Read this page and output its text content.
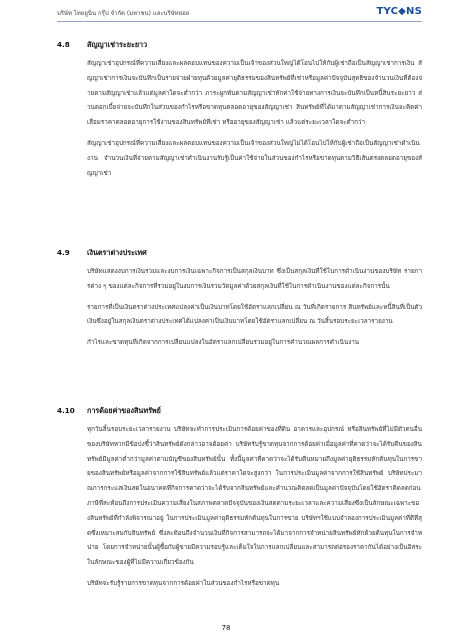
บริษัท ไทยยูนิ่น กรุ๊ป จำกัด (มหาชน) และบริษัทย่อย	TYC◆NS
4.8 สัญญาเช่าระยะยาว

สัญญาเช่าอุปกรณ์ที่ความเสี่ยงและผลตอบแทนของความเป็นเจ้าของส่วนใหญ่ได้โอนไปให้กับผู้เช่าถือเป็นสัญญาเช่าการเงิน สัญญาเช่าการเงินจะบันทึกเป็นรายจ่ายฝ่ายทุนด้วยมูลค่ายุติธรรมของสินทรัพย์ที่เช่าหรือมูลค่าปัจจุบันสุทธิของจำนวนเงินที่ต้องจ่ายตามสัญญาเช่าแล้วแต่มูลค่าใดจะต่ำกว่า ภาระผูกพันตามสัญญาเช่าหักค่าใช้จ่ายทางการเงินจะบันทึกเป็นหนี้สินระยะยาว ส่วนดอกเบี้ยจ่ายจะบันทึกในส่วนของกำไรหรือขาดทุนตลอดอายุของสัญญาเช่า สินทรัพย์ที่ได้มาตามสัญญาเช่าการเงินจะคิดค่าเสื่อมราคาตลอดอายุการใช้งานของสินทรัพย์ที่เช่า หรืออายุของสัญญาเช่า แล้วแต่ระยะเวลาใดจะต่ำกว่า

สัญญาเช่าอุปกรณ์ที่ความเสี่ยงและผลตอบแทนของความเป็นเจ้าของส่วนใหญ่ไม่ได้โอนไปให้กับผู้เช่าถือเป็นสัญญาเช่าดำเนินงาน จำนวนเงินที่จ่ายตามสัญญาเช่าดำเนินงานรับรู้เป็นค่าใช้จ่ายในส่วนของกำไรหรือขาดทุนตามวิธีเส้นตรงตลอดอายุของสัญญาเช่า

4.9 เงินตราต่างประเทศ

บริษัทแสดงงบการเงินรวมและงบการเงินเฉพาะกิจการเป็นสกุลเงินบาท ซึ่งเป็นสกุลเงินที่ใช้ในการดำเนินงานของบริษัท รายการต่าง ๆ ของแต่ละกิจการที่รวมอยู่ในงบการเงินรวมวัดมูลค่าด้วยสกุลเงินที่ใช้ในการดำเนินงานของแต่ละกิจการนั้น

รายการที่เป็นเงินตราต่างประเทศแปลงค่าเป็นเงินบาทโดยใช้อัตราแลกเปลี่ยน ณ วันที่เกิดรายการ สินทรัพย์และหนี้สินที่เป็นตัวเงินซึ่งอยู่ในสกุลเงินตราต่างประเทศได้แปลงค่าเป็นเงินบาทโดยใช้อัตราแลกเปลี่ยน ณ วันสิ้นรอบระยะเวลารายงาน

กำไรและขาดทุนที่เกิดจากการเปลี่ยนแปลงในอัตราแลกเปลี่ยนรวมอยู่ในการคำนวณผลการดำเนินงาน

4.10 การด้อยค่าของสินทรัพย์

ทุกวันสิ้นรอบระยะเวลารายงาน บริษัทจะทำการประเมินการด้อยค่าของที่ดิน อาคารและอุปกรณ์ หรือสินทรัพย์ที่ไม่มีตัวตนอื่นของบริษัทหากมีข้อบ่งชี้ว่าสินทรัพย์ดังกล่าวอาจด้อยค่า บริษัทรับรู้ขาดทุนจากการด้อยค่าเมื่อมูลค่าที่คาดว่าจะได้รับคืนของสินทรัพย์มีมูลค่าต่ำกว่ามูลค่าตามบัญชีของสินทรัพย์นั้น ทั้งนี้มูลค่าที่คาดว่าจะได้รับคืนหมายถึงมูลค่ายุติธรรมหักต้นทุนในการขายของสินทรัพย์หรือมูลค่าจากการใช้สินทรัพย์แล้วแต่ราคาใดจะสูงกว่า ในการประเมินมูลค่าจากการใช้สินทรัพย์ บริษัทประมาณการกระแสเงินสดในอนาคตที่กิจการคาดว่าจะได้รับจากสินทรัพย์และคำนวณคิดลดเป็นมูลค่าปัจจุบันโดยใช้อัตราคิดลดก่อนภาษีที่สะท้อนถึงการประเมินความเสี่ยงในสภาพตลาดปัจจุบันของเงินสดตามระยะเวลาและความเสี่ยงซึ่งเป็นลักษณะเฉพาะของสินทรัพย์ที่กำลังพิจารณาอยู่ ในการประเมินมูลค่ายุติธรรมหักต้นทุนในการขาย บริษัทฯใช้แบบจำลองการประเมินมูลค่าที่ดีที่สุดซึ่งเหมาะสมกับสินทรัพย์ ซึ่งสะท้อนถึงจำนวนเงินที่กิจการสามารถจะได้มาจากการจำหน่ายสินทรัพย์หักด้วยต้นทุนในการจำหน่าย โดยการจำหน่ายนั้นผู้ซื้อกับผู้ขายมีความรอบรู้และเต็มใจในการแลกเปลี่ยนและสามารถต่อรองราคากันได้อย่างเป็นอิสระในลักษณะของผู้ที่ไม่มีความเกี่ยวข้องกัน

บริษัทจะรับรู้รายการขาดทุนจากการด้อยค่าในส่วนของกำไรหรือขาดทุน

78
